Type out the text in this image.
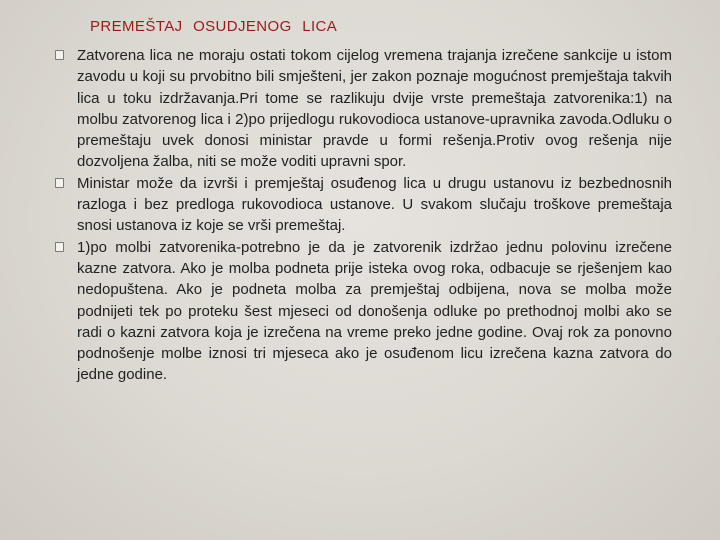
PREMEŠTAJ OSUDJENOG LICA
Zatvorena lica ne moraju ostati tokom cijelog vremena trajanja izrečene sankcije u istom zavodu u koji su prvobitno bili smješteni, jer zakon poznaje mogućnost premještaja takvih lica u toku izdržavanja.Pri tome se razlikuju dvije vrste premeštaja zatvorenika:1) na molbu zatvorenog lica i 2)po prijedlogu rukovodioca ustanove-upravnika zavoda.Odluku o premeštaju uvek donosi ministar pravde u formi rešenja.Protiv ovog rešenja nije dozvoljena žalba, niti se može voditi upravni spor.
Ministar može da izvrši i premještaj osuđenog lica u drugu ustanovu iz bezbednosnih razloga i bez predloga rukovodioca ustanove. U svakom slučaju troškove premeštaja snosi ustanova iz koje se vrši premeštaj.
1)po molbi zatvorenika-potrebno je da je zatvorenik izdržao jednu polovinu izrečene kazne zatvora. Ako je molba podneta prije isteka ovog roka, odbacuje se rješenjem kao nedopuštena. Ako je podneta molba za premještaj odbijena, nova se molba može podnijeti tek po proteku šest mjeseci od donošenja odluke po prethodnoj molbi ako se radi o kazni zatvora koja je izrečena na vreme preko jedne godine. Ovaj rok za ponovno podnošenje molbe iznosi tri mjeseca ako je osuđenom licu izrečena kazna zatvora do jedne godine.
